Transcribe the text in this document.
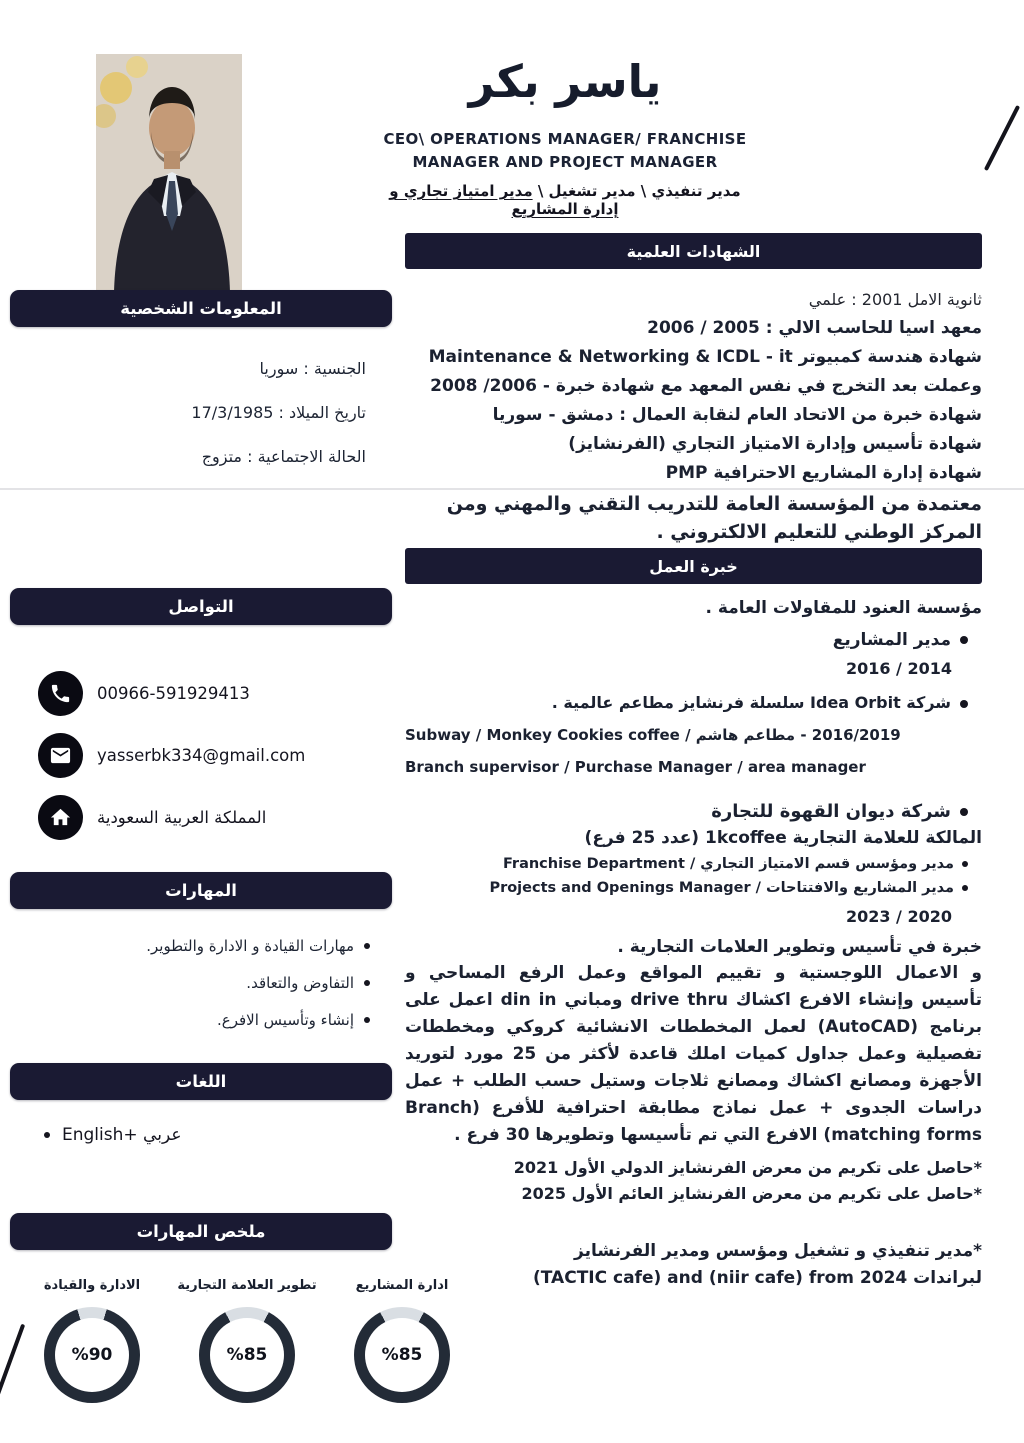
ياسر بكر
CEO\ OPERATIONS MANAGER/ FRANCHISE
MANAGER AND PROJECT MANAGER
مدير تنفيذي \ مدير تشغيل \ مدير امتياز تجاري و إدارة المشاريع
المعلومات الشخصية
الجنسية : سوريا
تاريخ الميلاد : 17/3/1985
الحالة الاجتماعية : متزوج
التواصل
00966-591929413
yasserbk334@gmail.com
المملكة العربية السعودية
المهارات
مهارات القيادة و الادارة والتطوير.
التفاوض والتعاقد.
إنشاء وتأسيس الافرع.
اللغات
عربي +English
ملخص المهارات
ادارة المشاريع
%85
تطوير العلامة التجارية
%85
الادارة والقيادة
%90
الشهادات العلمية
ثانوية الامل 2001 : علمي
معهد اسيا للحاسب الالي : 2005 / 2006
شهادة هندسة كمبيوتر Maintenance & Networking & ICDL - it
وعملت بعد التخرج في نفس المعهد مع شهادة خبرة - 2006/ 2008
شهادة خبرة من الاتحاد العام لنقابة العمال : دمشق - سوريا
شهادة تأسيس وإدارة الامتياز التجاري (الفرنشايز)
شهادة إدارة المشاريع الاحترافية PMP
معتمدة من المؤسسة العامة للتدريب التقني والمهني ومن المركز الوطني للتعليم الالكتروني .
خبرة العمل
مؤسسة العنود للمقاولات العامة .
مدير المشاريع
2014 / 2016
شركة Idea Orbit سلسلة فرنشايز مطاعم عالمية .
Subway / Monkey Cookies coffee / مطاعم هاشم‎ - 2016/2019
Branch supervisor / Purchase Manager / area manager
شركة ديوان القهوة للتجارة
المالكة للعلامة التجارية 1kcoffee (عدد 25 فرع)
مدير ومؤسس قسم الامتياز التجاري / Franchise Department
مدير المشاريع والافتتاحات / Projects and Openings Manager
2020 / 2023
خبرة في تأسيس وتطوير العلامات التجارية .

و الاعمال اللوجستية و تقييم المواقع وعمل الرفع المساحي و تأسيس وإنشاء الافرع اكشاك drive thru ومباني din in اعمل على برنامج (AutoCAD) لعمل المخططات الانشائية كروكي ومخططات تفصيلية وعمل جداول كميات املك قاعدة لأكثر من 25 مورد لتوريد الأجهزة ومصانع اكشاك ومصانع ثلاجات وستيل حسب الطلب + عمل دراسات الجدوى + عمل نماذج مطابقة احترافية للأفرع (Branch matching forms) الافرع التي تم تأسيسها وتطويرها 30 فرع .

*حاصل على تكريم من معرض الفرنشايز الدولي الأول 2021
*حاصل على تكريم من معرض الفرنشايز العائم الأول 2025
*مدير تنفيذي و تشغيل ومؤسس ومدير الفرنشايز
لبراندات ‎(TACTIC cafe) and (niir cafe) from 2024
